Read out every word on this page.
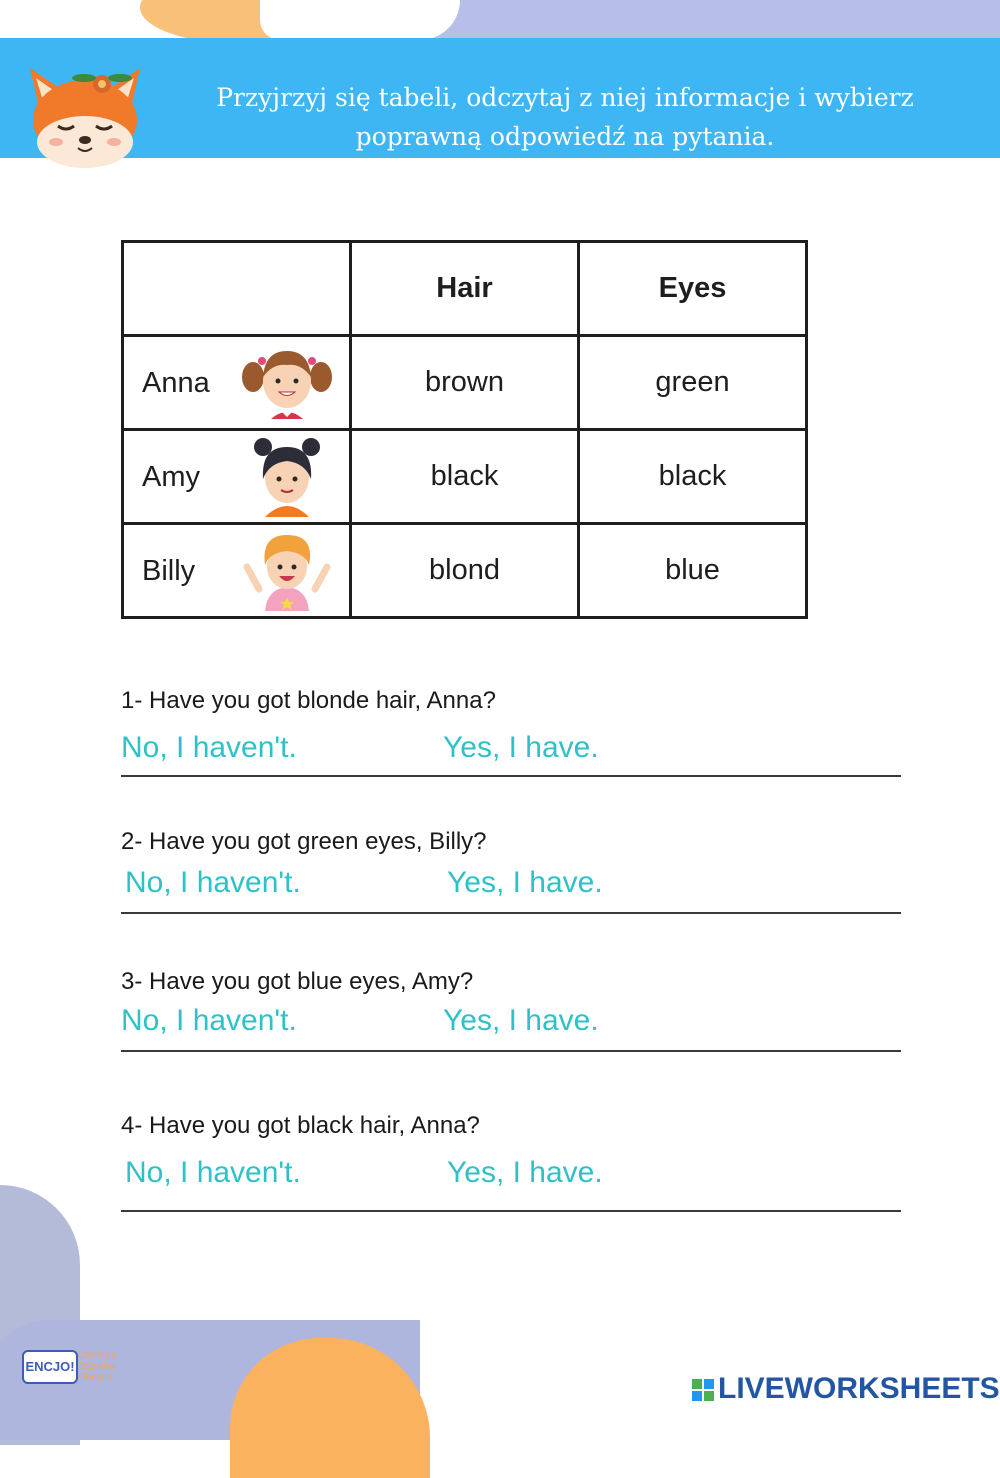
Przyjrzyj się tabeli, odczytaj z niej informacje i wybierz
poprawną odpowiedź na pytania.
Look ate the table, chooose the answer that is correct.
	Hair	Eyes

Anna	brown	green

Amy	black	black

Billy	blond	blue
1- Have you got blonde hair, Anna?
No, I haven't.	Yes, I have.
2- Have you got green eyes, Billy?
No, I haven't.	Yes, I have.
3- Have you got blue eyes, Amy?
No, I haven't.	Yes, I have.
4- Have you got black hair, Anna?
No, I haven't.	Yes, I have.
ENCJO!
Centrum Języków Obcych	LIVEWORKSHEETS
